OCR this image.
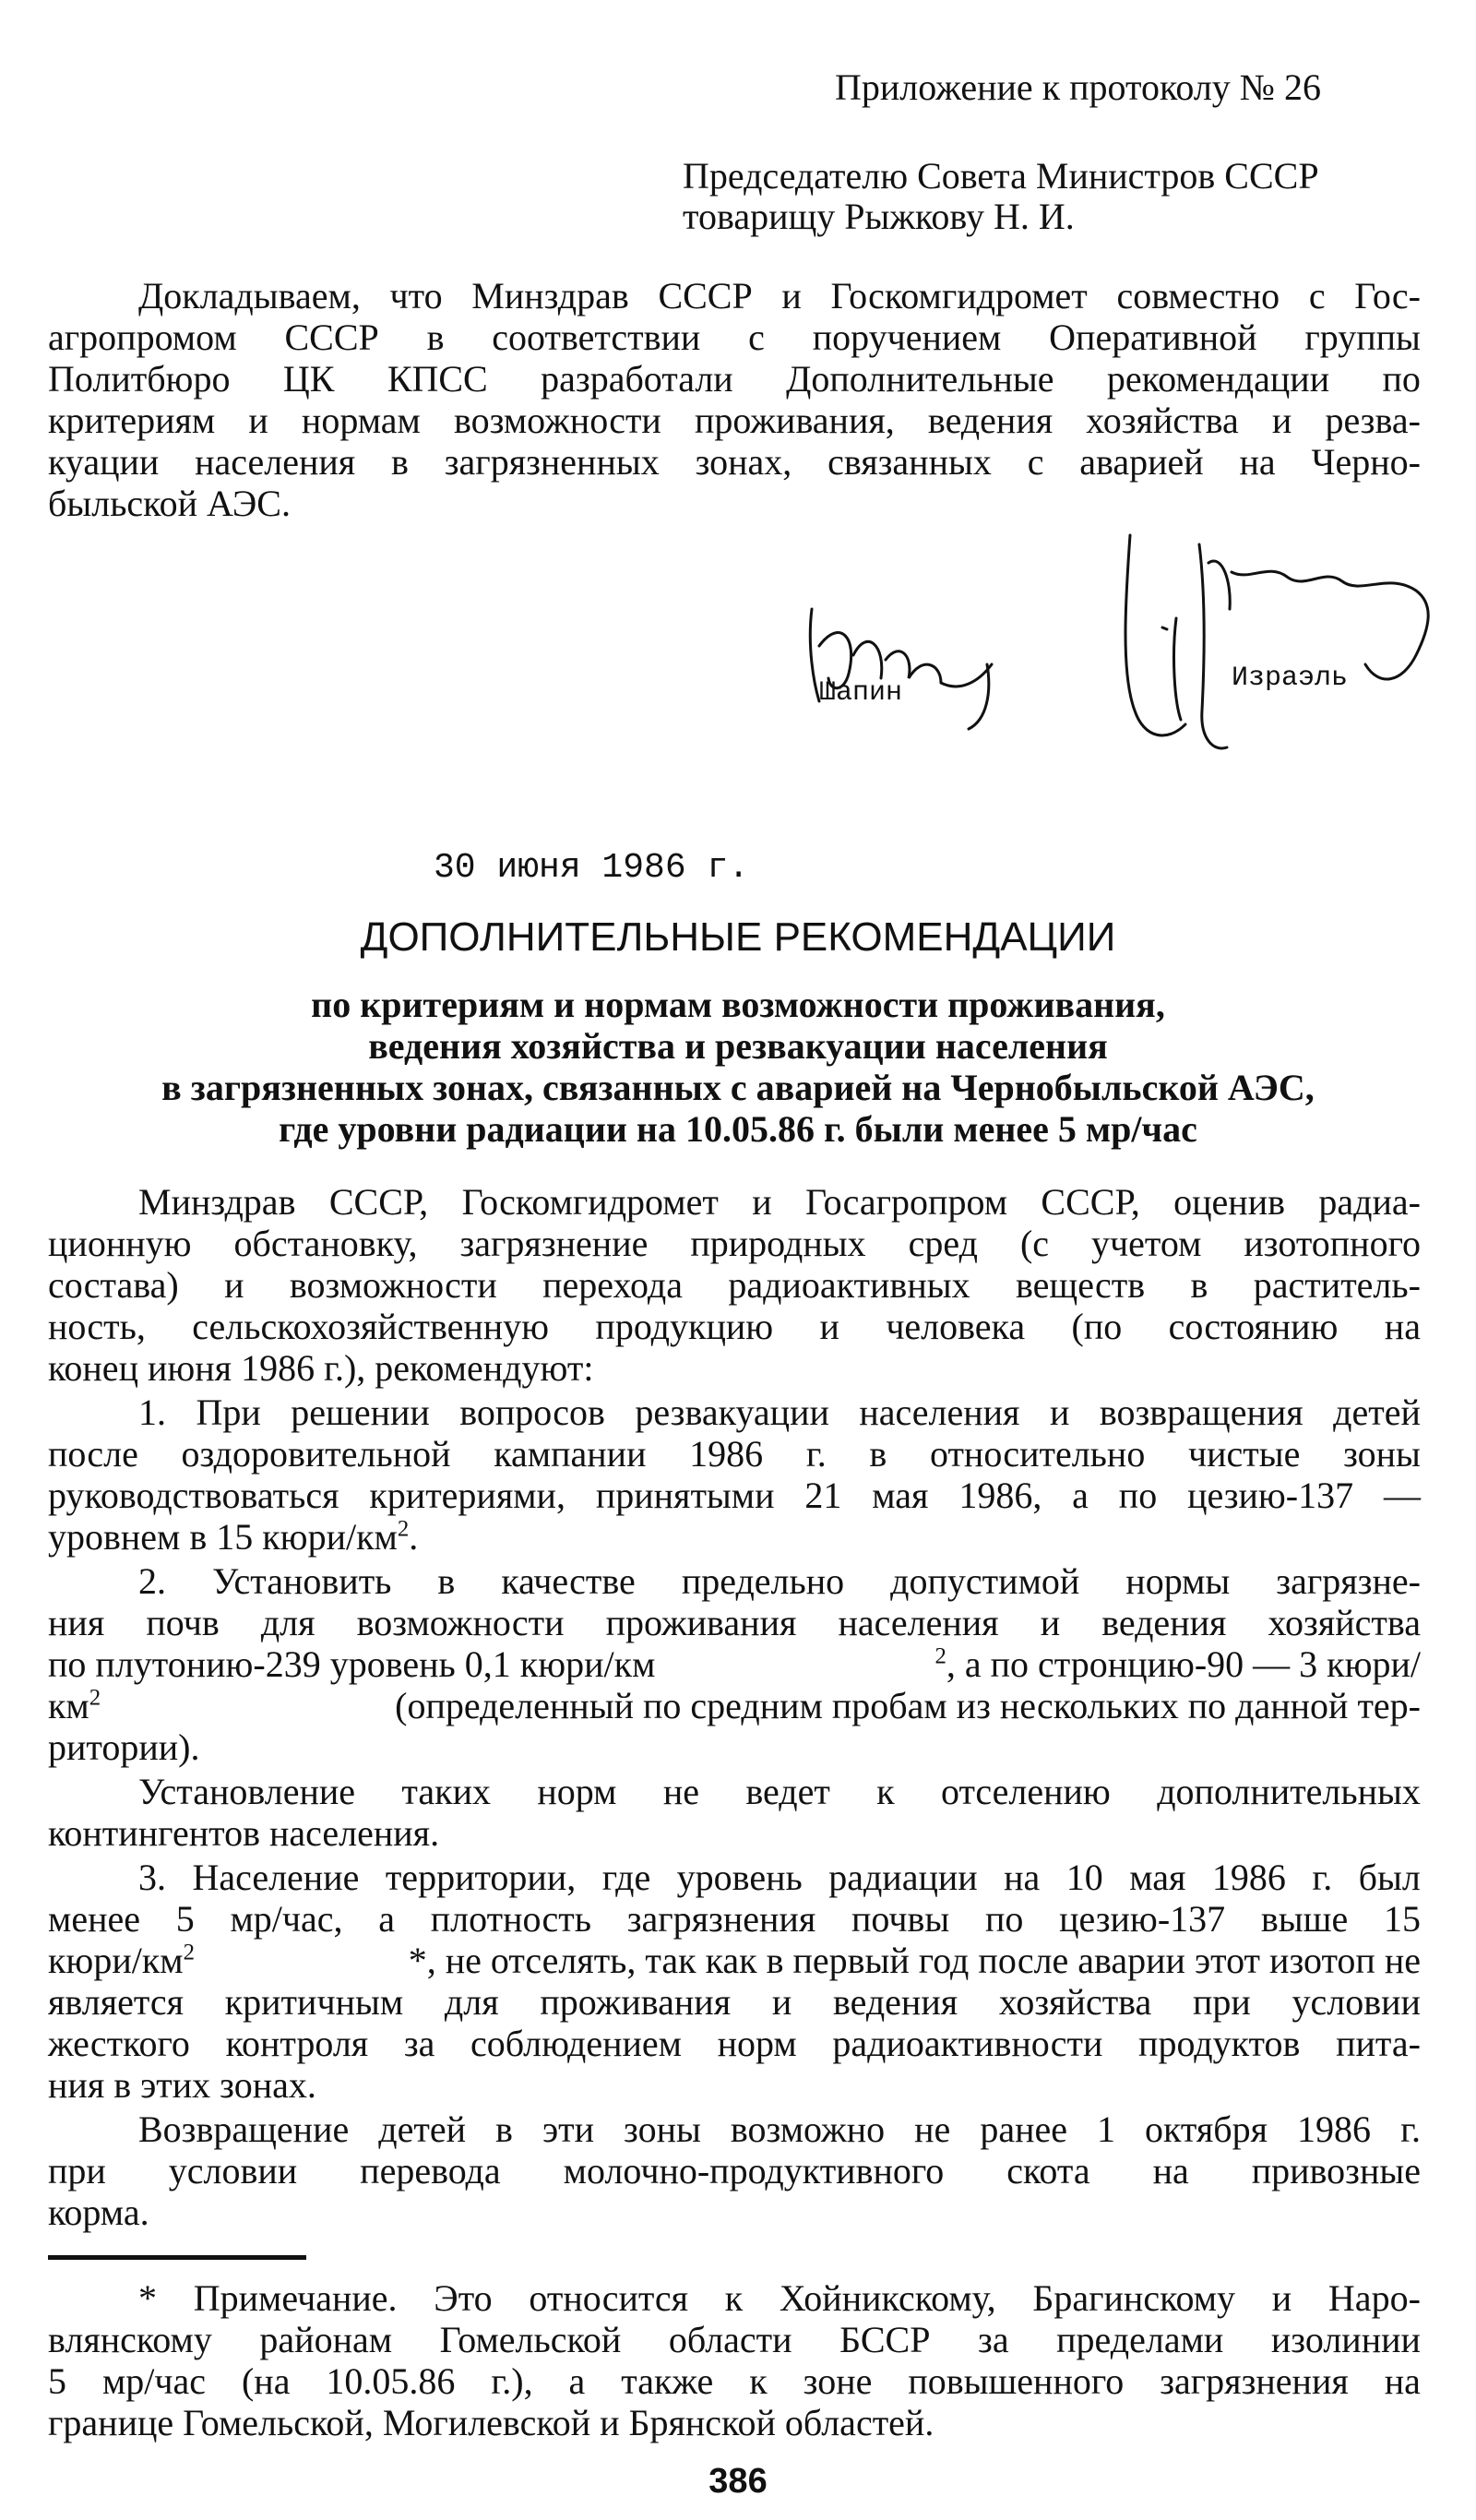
Приложение к протоколу № 26
Председателю Совета Министров СССР
товарищу Рыжкову Н. И.
Докладываем, что Минздрав СССР и Госкомгидромет совместно с Гос-
агропромом СССР в соответствии с поручением Оперативной группы
Политбюро ЦК КПСС разработали Дополнительные рекомендации по
критериям и нормам возможности проживания, ведения хозяйства и резва-
куации населения в загрязненных зонах, связанных с аварией на Черно-
быльской АЭС.
Шапин	Израэль
30 июня 1986 г.
ДОПОЛНИТЕЛЬНЫЕ РЕКОМЕНДАЦИИ
по критериям и нормам возможности проживания,
ведения хозяйства и резвакуации населения
в загрязненных зонах, связанных с аварией на Чернобыльской АЭС,
где уровни радиации на 10.05.86 г. были менее 5 мр/час
Минздрав СССР, Госкомгидромет и Госагропром СССР, оценив радиа-
ционную обстановку, загрязнение природных сред (с учетом изотопного
состава) и возможности перехода радиоактивных веществ в раститель-
ность, сельскохозяйственную продукцию и человека (по состоянию на
конец июня 1986 г.), рекомендуют:
1. При решении вопросов резвакуации населения и возвращения детей
после оздоровительной кампании 1986 г. в относительно чистые зоны
руководствоваться критериями, принятыми 21 мая 1986, а по цезию-137 —
уровнем в 15 кюри/$км^2$.
2. Установить в качестве предельно допустимой нормы загрязне-
ния почв для возможности проживания населения и ведения хозяйства
по плутонию-239 уровень 0,1 кюри/км	$^2$, а по стронцию-90 — 3 кюри/
$км^2$	(определенный по средним пробам из нескольких по данной тер-
ритории).
Установление таких норм не ведет к отселению дополнительных
контингентов населения.
3. Население территории, где уровень радиации на 10 мая 1986 г. был
менее 5 мр/час, а плотность загрязнения почвы по цезию-137 выше 15
кюри/$км^2$	*, не отселять, так как в первый год после аварии этот изотоп не
является критичным для проживания и ведения хозяйства при условии
жесткого контроля за соблюдением норм радиоактивности продуктов пита-
ния в этих зонах.
Возвращение детей в эти зоны возможно не ранее 1 октября 1986 г.
при условии перевода молочно-продуктивного скота на привозные
корма.
* Примечание. Это относится к Хойникскому, Брагинскому и Наро-
влянскому районам Гомельской области БССР за пределами изолинии
5 мр/час (на 10.05.86 г.), а также к зоне повышенного загрязнения на
границе Гомельской, Могилевской и Брянской областей.
386
